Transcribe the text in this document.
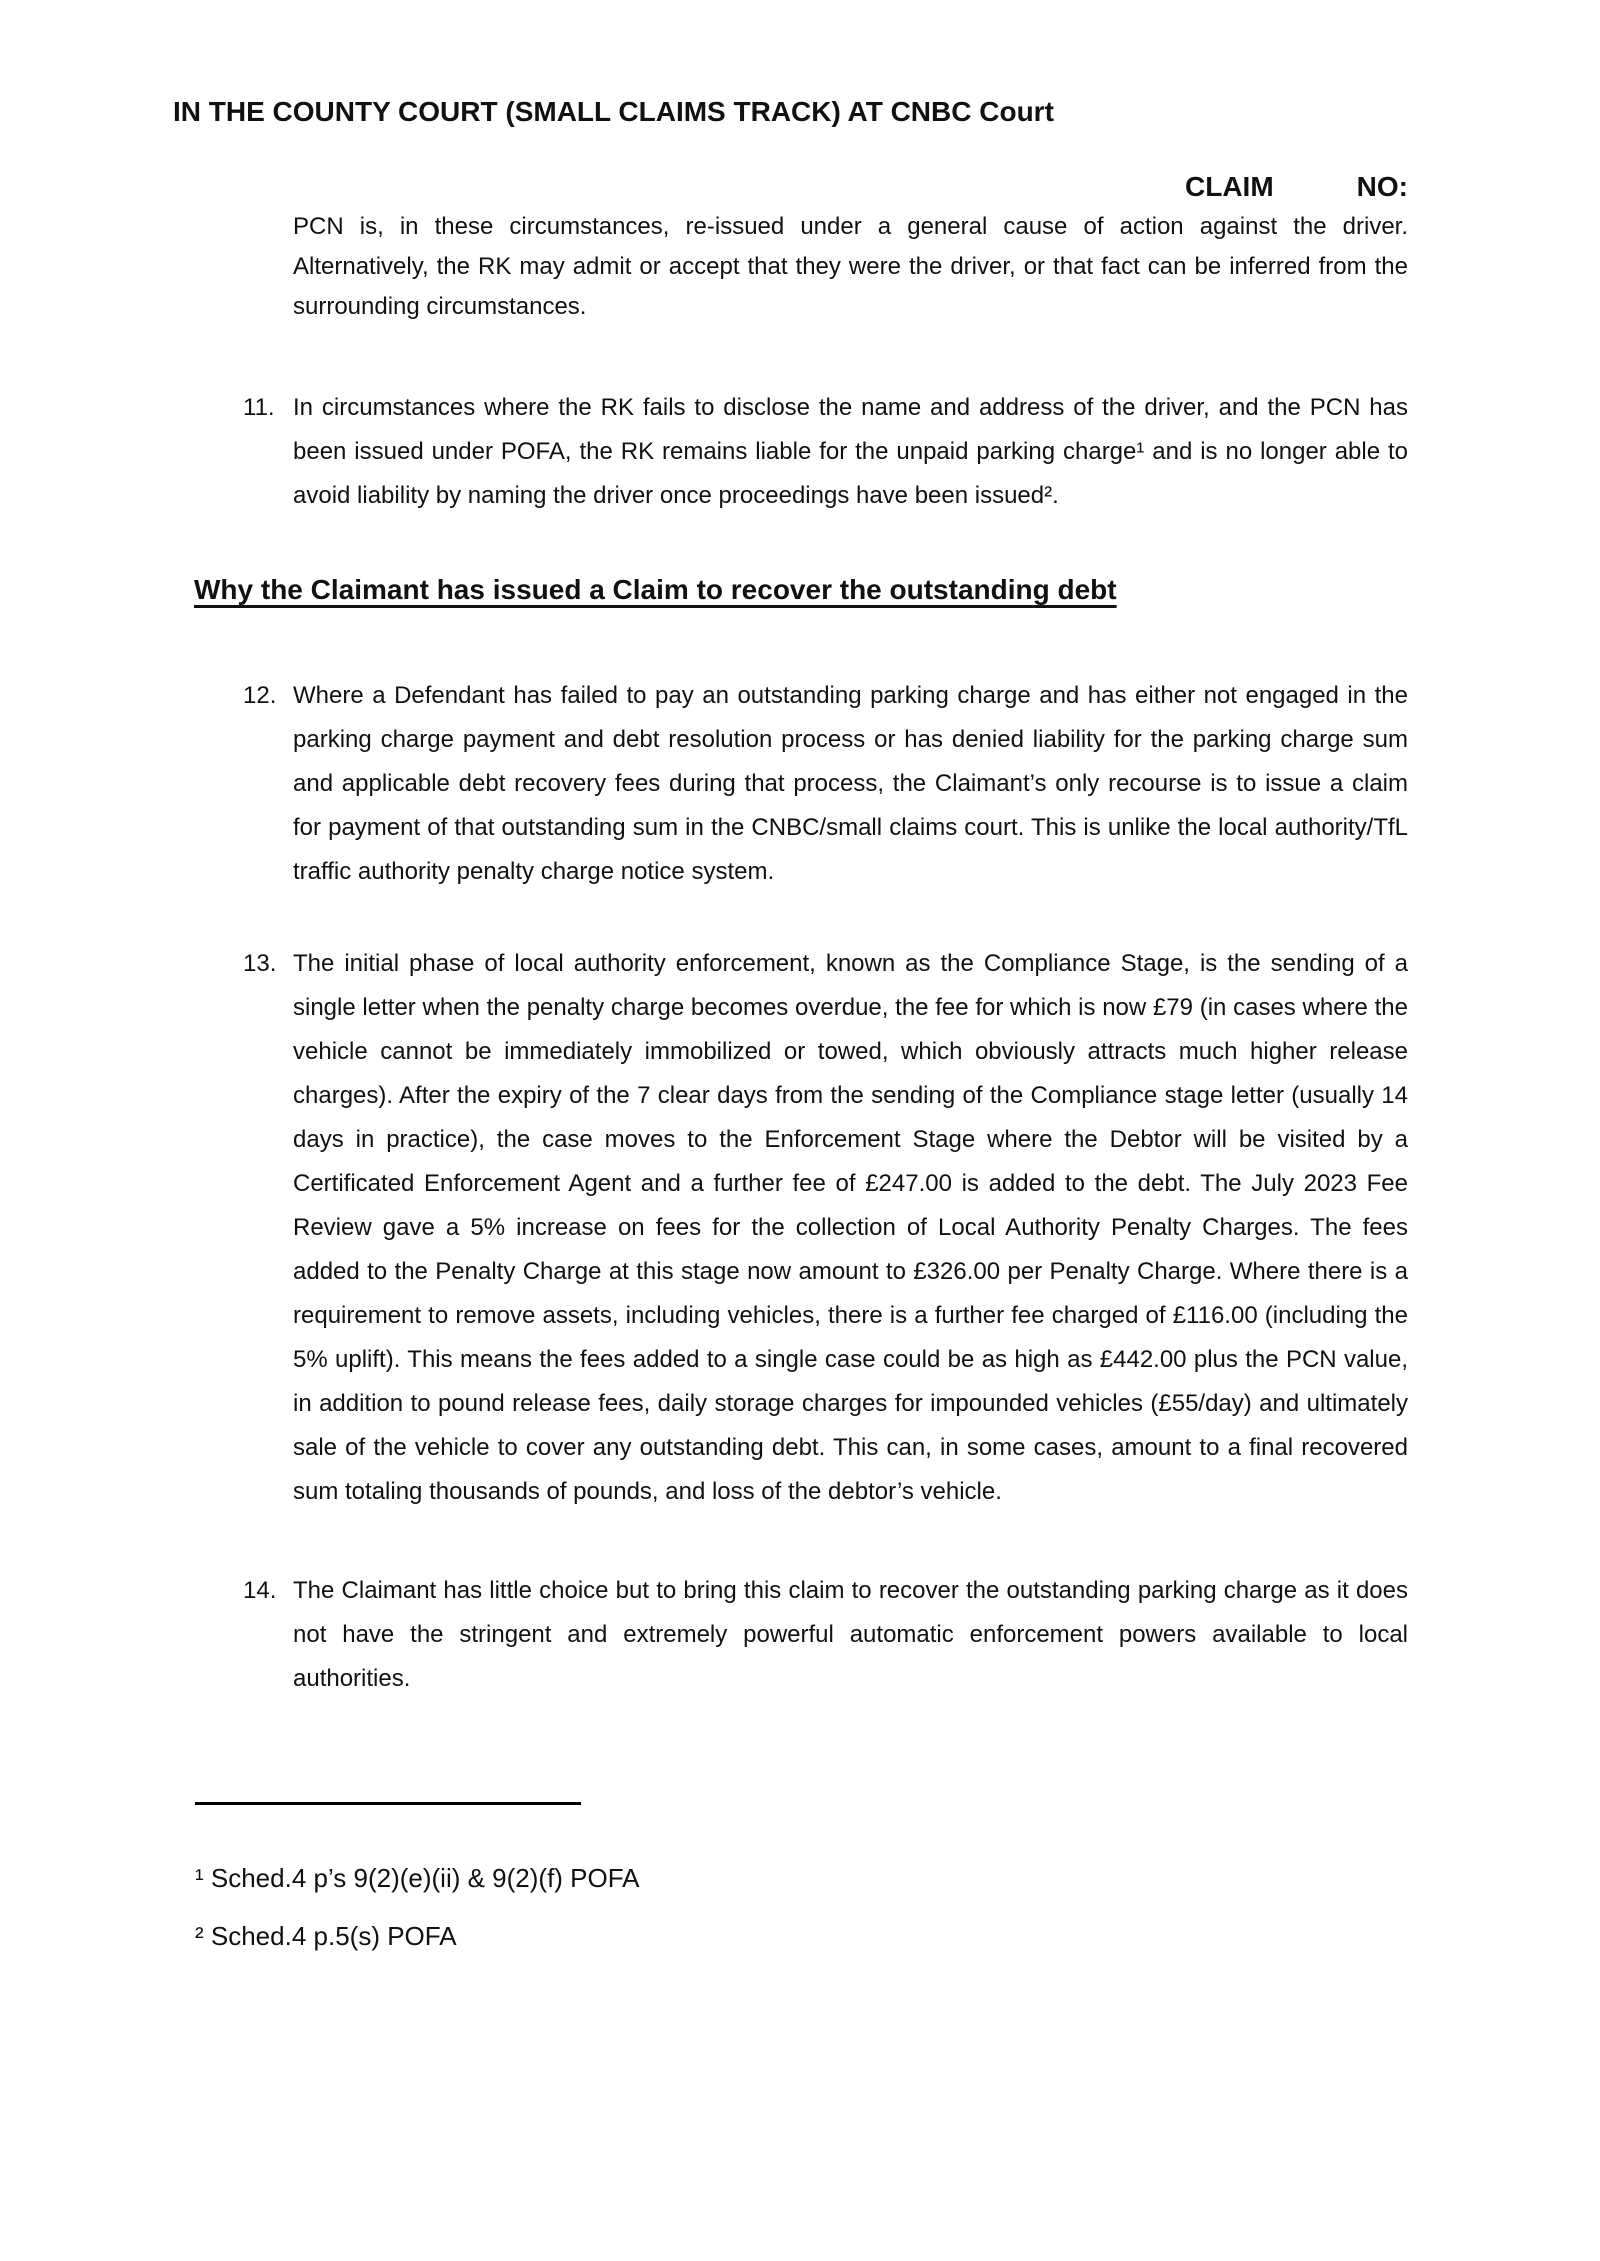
IN THE COUNTY COURT (SMALL CLAIMS TRACK) AT CNBC Court
CLAIM	NO:
PCN is, in these circumstances, re-issued under a general cause of action against the driver. Alternatively, the RK may admit or accept that they were the driver, or that fact can be inferred from the surrounding circumstances.
11. In circumstances where the RK fails to disclose the name and address of the driver, and the PCN has been issued under POFA, the RK remains liable for the unpaid parking charge¹ and is no longer able to avoid liability by naming the driver once proceedings have been issued².
Why the Claimant has issued a Claim to recover the outstanding debt
12. Where a Defendant has failed to pay an outstanding parking charge and has either not engaged in the parking charge payment and debt resolution process or has denied liability for the parking charge sum and applicable debt recovery fees during that process, the Claimant’s only recourse is to issue a claim for payment of that outstanding sum in the CNBC/small claims court. This is unlike the local authority/TfL traffic authority penalty charge notice system.
13. The initial phase of local authority enforcement, known as the Compliance Stage, is the sending of a single letter when the penalty charge becomes overdue, the fee for which is now £79 (in cases where the vehicle cannot be immediately immobilized or towed, which obviously attracts much higher release charges). After the expiry of the 7 clear days from the sending of the Compliance stage letter (usually 14 days in practice), the case moves to the Enforcement Stage where the Debtor will be visited by a Certificated Enforcement Agent and a further fee of £247.00 is added to the debt. The July 2023 Fee Review gave a 5% increase on fees for the collection of Local Authority Penalty Charges. The fees added to the Penalty Charge at this stage now amount to £326.00 per Penalty Charge. Where there is a requirement to remove assets, including vehicles, there is a further fee charged of £116.00 (including the 5% uplift). This means the fees added to a single case could be as high as £442.00 plus the PCN value, in addition to pound release fees, daily storage charges for impounded vehicles (£55/day) and ultimately sale of the vehicle to cover any outstanding debt. This can, in some cases, amount to a final recovered sum totaling thousands of pounds, and loss of the debtor’s vehicle.
14. The Claimant has little choice but to bring this claim to recover the outstanding parking charge as it does not have the stringent and extremely powerful automatic enforcement powers available to local authorities.
¹ Sched.4 p’s 9(2)(e)(ii) & 9(2)(f) POFA
² Sched.4 p.5(s) POFA
